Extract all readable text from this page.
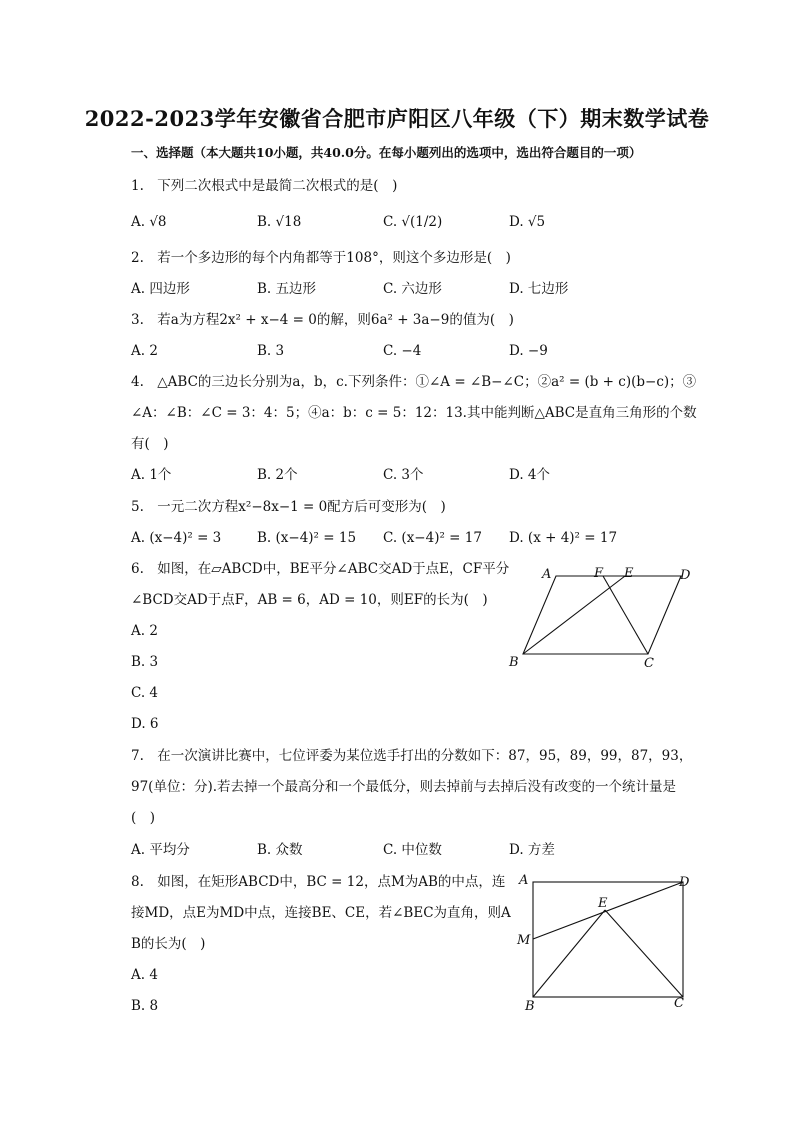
2022-2023学年安徽省合肥市庐阳区八年级（下）期末数学试卷
一、选择题（本大题共10小题，共40.0分。在每小题列出的选项中，选出符合题目的一项）
1. 下列二次根式中是最简二次根式的是(　)
A. √8	B. √18	C. √(1/2)	D. √5
2. 若一个多边形的每个内角都等于108°，则这个多边形是(　)
A. 四边形	B. 五边形	C. 六边形	D. 七边形
3. 若a为方程2x² + x−4 = 0的解，则6a² + 3a−9的值为(　)
A. 2	B. 3	C. −4	D. −9
4. △ABC的三边长分别为a，b，c.下列条件：①∠A = ∠B−∠C；②a² = (b + c)(b−c)；③
∠A：∠B：∠C = 3：4：5；④a：b：c = 5：12：13.其中能判断△ABC是直角三角形的个数
有(　)
A. 1个	B. 2个	C. 3个	D. 4个
5. 一元二次方程x²−8x−1 = 0配方后可变形为(　)
A. (x−4)² = 3	B. (x−4)² = 15 C. (x−4)² = 17 D. (x + 4)² = 17
6. 如图，在▱ABCD中，BE平分∠ABC交AD于点E，CF平分
∠BCD交AD于点F，AB = 6，AD = 10，则EF的长为(　)
A. 2
B. 3
C. 4
D. 6
A	F E	D
B	C
7. 在一次演讲比赛中，七位评委为某位选手打出的分数如下：87，95，89，99，87，93，
97(单位：分).若去掉一个最高分和一个最低分，则去掉前与去掉后没有改变的一个统计量是
(　)
A. 平均分	B. 众数	C. 中位数	D. 方差
8. 如图，在矩形ABCD中，BC = 12，点M为AB的中点，连
接MD，点E为MD中点，连接BE、CE，若∠BEC为直角，则A
B的长为(　)
A. 4
B. 8
A	D
E
M
B	C
